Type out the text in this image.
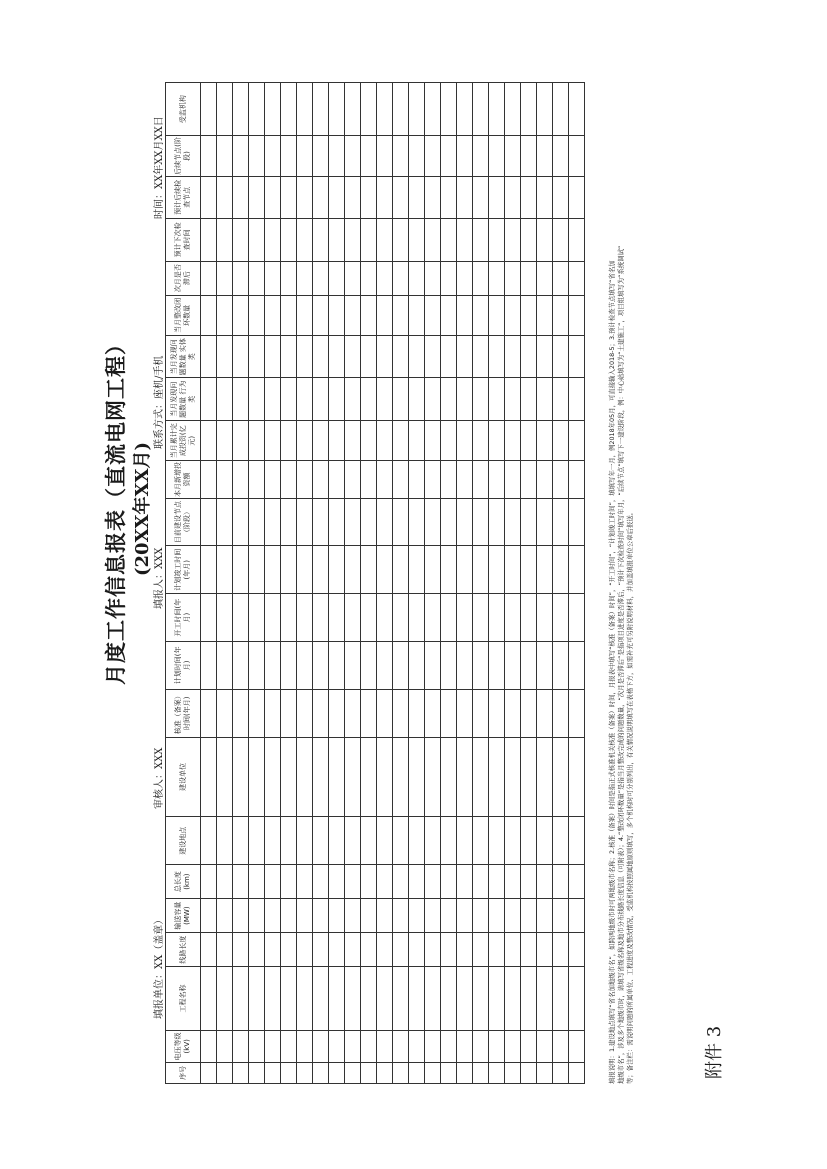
附件 3
月度工作信息报表（直流电网工程） (20XX年XX月)
填报单位：XX（盖章）
审核人：XXX
填报人：XXX
联系方式：座机/手机
时间：XX年XX月XX日
序号	电压等级(kV)	工程名称	线路长度	输送容量(MW)	总长度(km)	建设地点	建设单位	核准（备案）时间(年月)	计划时间(年月)	开工时间(年月)	计划竣工时间(年月)	目前建设节点（阶段）	本月新增投资额	当月累计完成投资(亿元)	当月发现问题数量 行为类	当月发现问题数量 实体类	当月整改闭环数量	次月是否滞后	预计下次检查时间	预计后续检查节点	后续节点(阶段)	受监机构

填报说明：1.建设地点填写“省名加地级市名”，如跨两地级市时可两地级市名称；2.核准（备案）时间是指正式核准机关核准（备案）时间，月报表中填写“核准（备案）时间”，“开工时间”，“计划竣工时间”，填填写年一月，例2018年05月，可直接输入2018-5；3.预计检查节点填写“省名加 地级市名”，涉及多个地级市时，请填写省级名称及地市分布线路长度信息（可附表）；4.“整改闭环数量”是指当月整改完成的问题数量，“次月是否滞后”是指项目进度是否滞后，“预计下次检查时间”填写年月，“后续节点”填写下一建设阶段，例：中心站填写为“土建施工”，项目组填写为“系统调试” 等；备注栏：需说明问题的所属单位、工程进度及整改情况，受监机构按照属地原则填写，多个机构时可分别列出，有关情况说明填写在表格下方，如需补充可另附说明材料，并加盖填报单位公章后报送。
